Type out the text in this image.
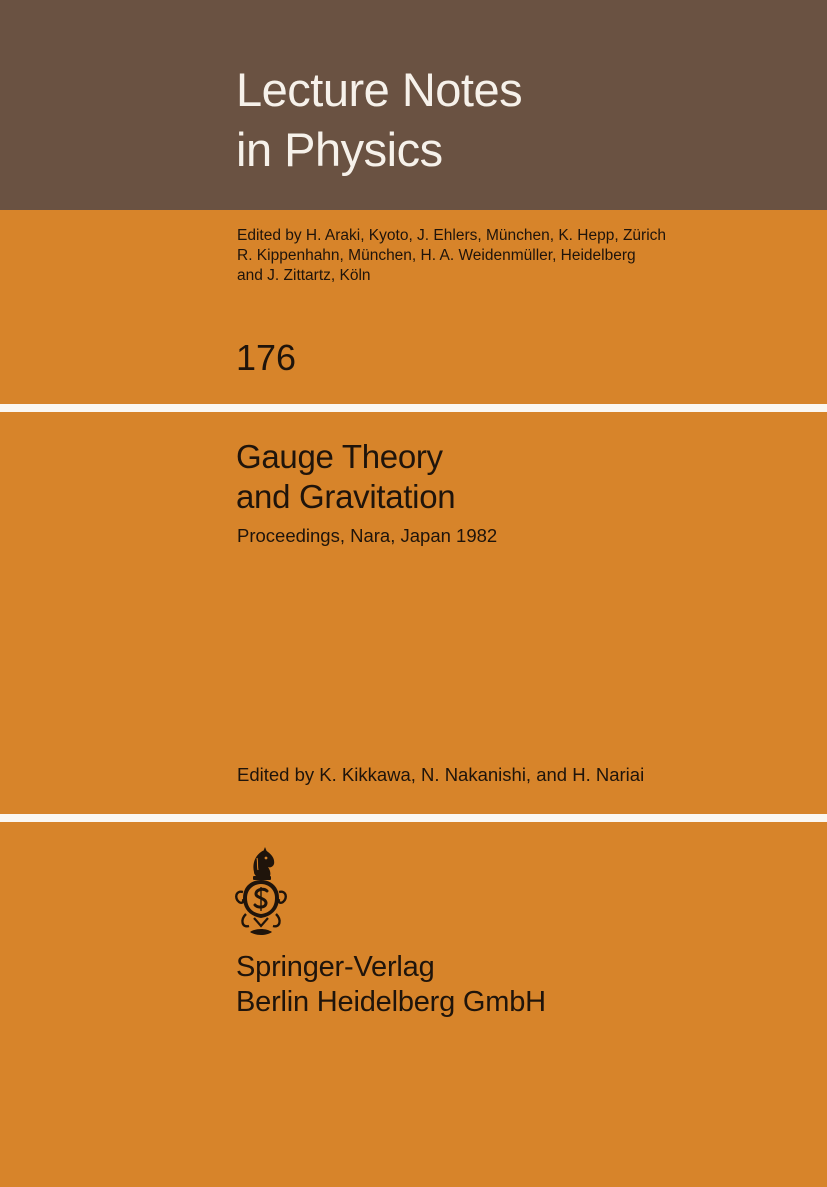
Lecture Notes
in Physics
Edited by H. Araki, Kyoto, J. Ehlers, München, K. Hepp, Zürich
R. Kippenhahn, München, H. A. Weidenmüller, Heidelberg
and J. Zittartz, Köln
176
Gauge Theory
and Gravitation
Proceedings, Nara, Japan 1982
Edited by K. Kikkawa, N. Nakanishi, and H. Nariai
Springer-Verlag
Berlin Heidelberg GmbH
